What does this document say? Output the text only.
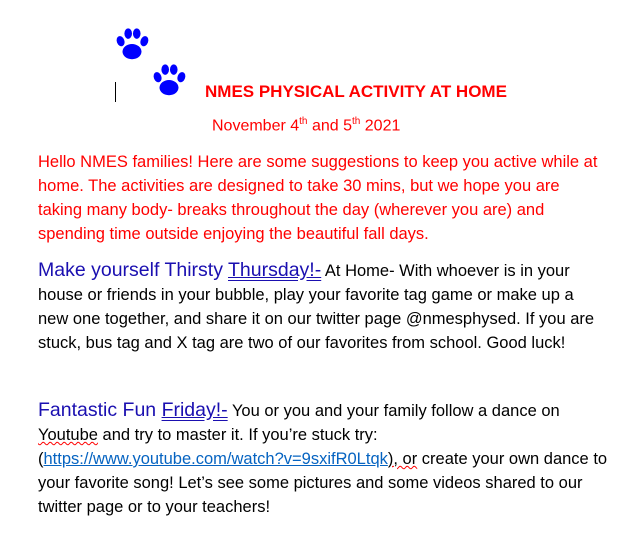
NMES PHYSICAL ACTIVITY AT HOME
November 4th and 5th 2021
Hello NMES families! Here are some suggestions to keep you active while at home. The activities are designed to take 30 mins, but we hope you are taking many body- breaks throughout the day (wherever you are) and spending time outside enjoying the beautiful fall days.
Make yourself Thirsty Thursday!- At Home- With whoever is in your house or friends in your bubble, play your favorite tag game or make up a new one together, and share it on our twitter page @nmesphysed. If you are stuck, bus tag and X tag are two of our favorites from school. Good luck!
Fantastic Fun Friday!- You or you and your family follow a dance on Youtube and try to master it. If you’re stuck try: (https://www.youtube.com/watch?v=9sxifR0Ltqk), or create your own dance to your favorite song! Let’s see some pictures and some videos shared to our twitter page or to your teachers!
